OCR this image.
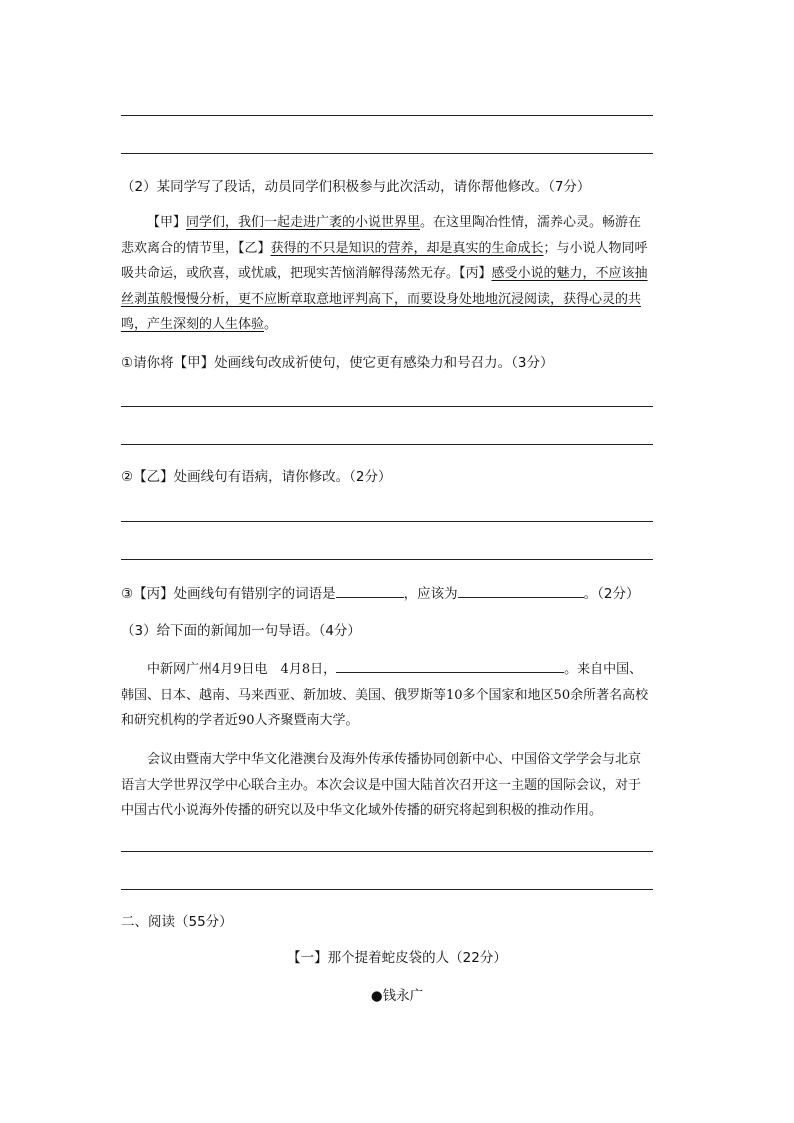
（2）某同学写了段话，动员同学们积极参与此次活动，请你帮他修改。（7分）
【甲】同学们，我们一起走进广袤的小说世界里。在这里陶冶性情，濡养心灵。畅游在悲欢离合的情节里，【乙】获得的不只是知识的营养，却是真实的生命成长；与小说人物同呼吸共命运，或欣喜，或忧戚，把现实苦恼消解得荡然无存。【丙】感受小说的魅力，不应该抽丝剥茧般慢慢分析，更不应断章取意地评判高下，而要设身处地地沉浸阅读，获得心灵的共鸣，产生深刻的人生体验。
①请你将【甲】处画线句改成祈使句，使它更有感染力和号召力。（3分）
②【乙】处画线句有语病，请你修改。（2分）
③【丙】处画线句有错别字的词语是	，应该为	。（2分）
（3）给下面的新闻加一句导语。（4分）
中新网广州4月9日电　4月8日，	。来自中国、韩国、日本、越南、马来西亚、新加坡、美国、俄罗斯等10多个国家和地区50余所著名高校和研究机构的学者近90人齐聚暨南大学。
会议由暨南大学中华文化港澳台及海外传承传播协同创新中心、中国俗文学学会与北京语言大学世界汉学中心联合主办。本次会议是中国大陆首次召开这一主题的国际会议，对于中国古代小说海外传播的研究以及中华文化域外传播的研究将起到积极的推动作用。
二、阅读（55分）
【一】那个提着蛇皮袋的人（22分）
●钱永广
